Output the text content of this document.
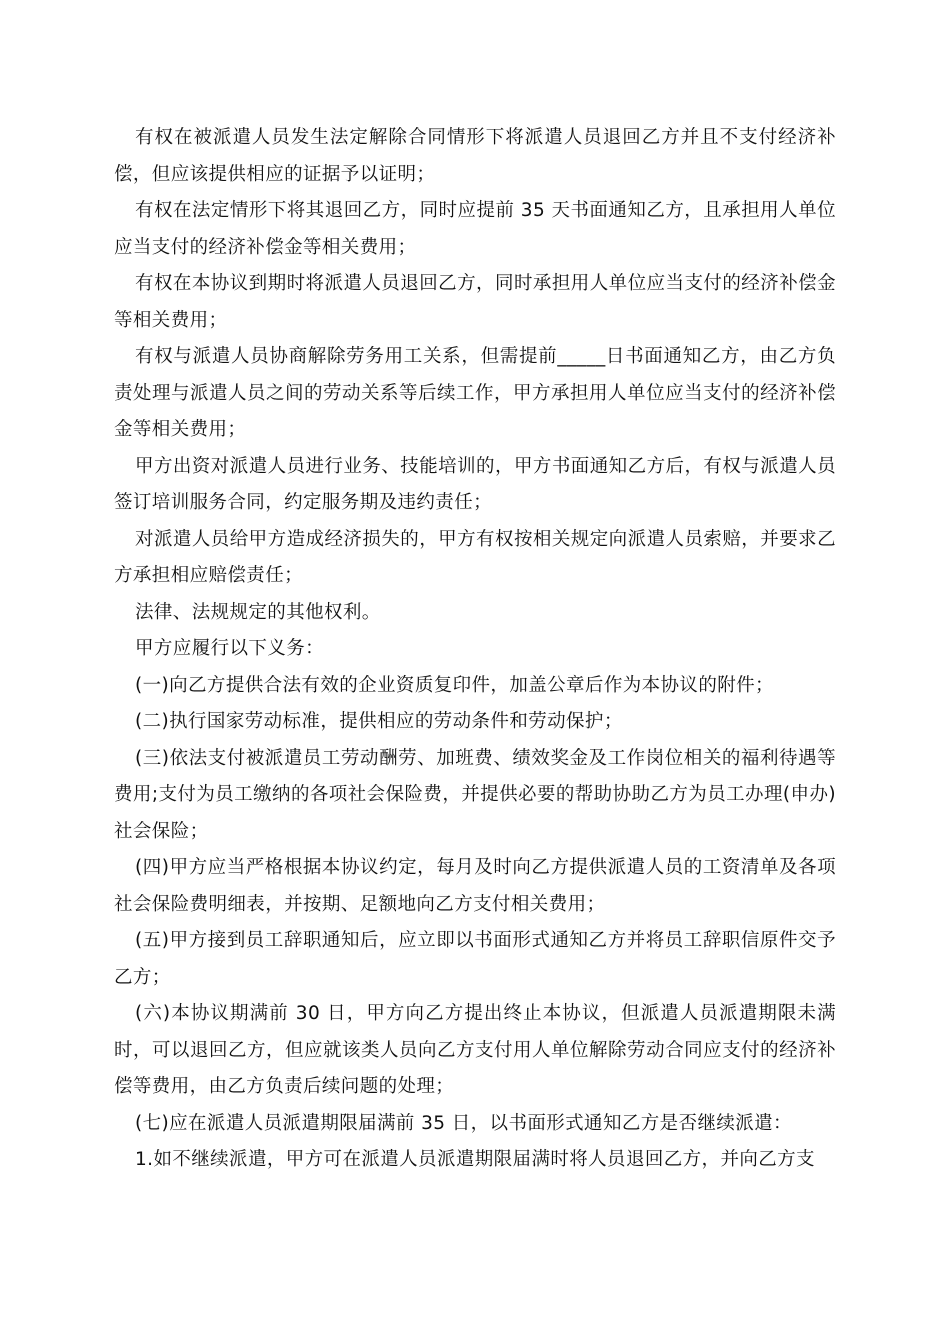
有权在被派遣人员发生法定解除合同情形下将派遣人员退回乙方并且不支付经济补偿，但应该提供相应的证据予以证明；

有权在法定情形下将其退回乙方，同时应提前 35 天书面通知乙方，且承担用人单位应当支付的经济补偿金等相关费用；

有权在本协议到期时将派遣人员退回乙方，同时承担用人单位应当支付的经济补偿金等相关费用；

有权与派遣人员协商解除劳务用工关系，但需提前_____日书面通知乙方，由乙方负责处理与派遣人员之间的劳动关系等后续工作，甲方承担用人单位应当支付的经济补偿金等相关费用；

甲方出资对派遣人员进行业务、技能培训的，甲方书面通知乙方后，有权与派遣人员签订培训服务合同，约定服务期及违约责任；

对派遣人员给甲方造成经济损失的，甲方有权按相关规定向派遣人员索赔，并要求乙方承担相应赔偿责任；

法律、法规规定的其他权利。

甲方应履行以下义务：

(一)向乙方提供合法有效的企业资质复印件，加盖公章后作为本协议的附件；

(二)执行国家劳动标准，提供相应的劳动条件和劳动保护；

(三)依法支付被派遣员工劳动酬劳、加班费、绩效奖金及工作岗位相关的福利待遇等费用;支付为员工缴纳的各项社会保险费，并提供必要的帮助协助乙方为员工办理(申办)社会保险；

(四)甲方应当严格根据本协议约定，每月及时向乙方提供派遣人员的工资清单及各项社会保险费明细表，并按期、足额地向乙方支付相关费用；

(五)甲方接到员工辞职通知后，应立即以书面形式通知乙方并将员工辞职信原件交予乙方；

(六)本协议期满前 30 日，甲方向乙方提出终止本协议，但派遣人员派遣期限未满时，可以退回乙方，但应就该类人员向乙方支付用人单位解除劳动合同应支付的经济补偿等费用，由乙方负责后续问题的处理；

(七)应在派遣人员派遣期限届满前 35 日，以书面形式通知乙方是否继续派遣：

1.如不继续派遣，甲方可在派遣人员派遣期限届满时将人员退回乙方，并向乙方支
